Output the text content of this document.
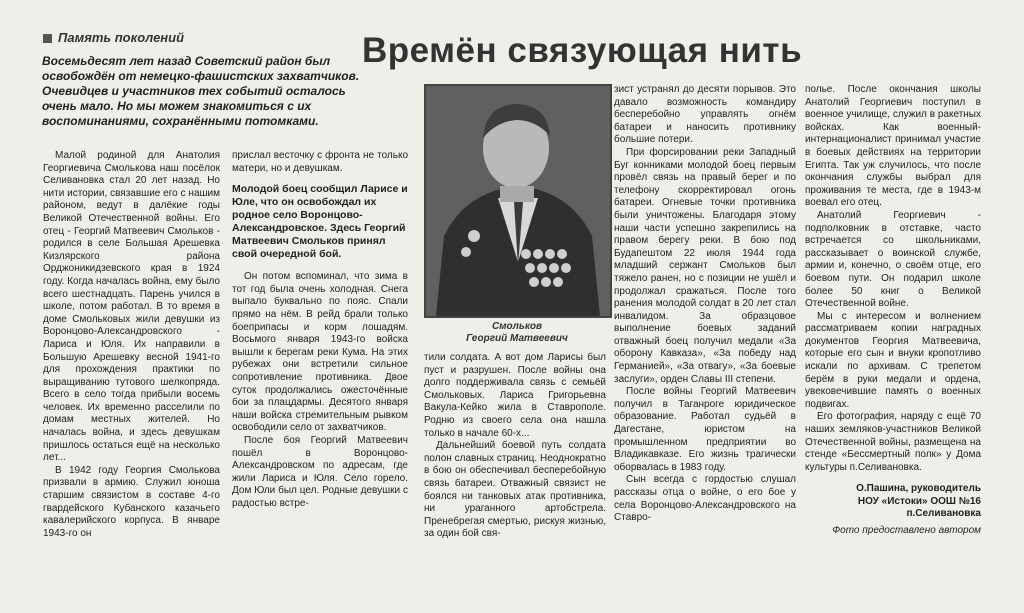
Память поколений	Времён связующая нить
Восемьдесят лет назад Советский район был освобождён от немецко-фашистских захватчиков. Очевидцев и участников тех событий осталось очень мало. Но мы можем знакомиться с их воспоминаниями, сохранёнными потомками.

Малой родиной для Анатолия Георгиевича Смолькова наш посёлок Селивановка стал 20 лет назад. Но нити истории, связавшие его с нашим районом, ведут в далёкие годы Великой Отечественной войны. Его отец - Георгий Матвеевич Смольков - родился в селе Большая Арешевка Кизлярского района Орджоникидзевского края в 1924 году. Когда началась война, ему было всего шестнадцать. Парень учился в школе, потом работал. В то время в доме Смольковых жили девушки из Воронцово-Александровского - Лариса и Юля. Их направили в Большую Арешевку весной 1941-го для прохождения практики по выращиванию тутового шелкопряда. Всего в село тогда прибыли восемь человек. Их временно расселили по домам местных жителей. Но началась война, и здесь девушкам пришлось остаться ещё на несколько лет...

В 1942 году Георгия Смолькова призвали в армию. Служил юноша старшим связистом в составе 4-го гвардейского Кубанского казачьего кавалерийского корпуса. В январе 1943-го он

прислал весточку с фронта не только матери, но и девушкам.

Молодой боец сообщил Ларисе и Юле, что он освобождал их родное село Воронцово-Александровское. Здесь Георгий Матвеевич Смольков принял свой очередной бой.

Он потом вспоминал, что зима в тот год была очень холодная. Снега выпало буквально по пояс. Спали прямо на нём. В рейд брали только боеприпасы и корм лошадям. Восьмого января 1943-го войска вышли к берегам реки Кума. На этих рубежах они встретили сильное сопротивление противника. Двое суток продолжались ожесточённые бои за плацдармы. Десятого января наши войска стремительным рывком освободили село от захватчиков.

После боя Георгий Матвеевич пошёл в Воронцово-Александровском по адресам, где жили Лариса и Юля. Село горело. Дом Юли был цел. Родные девушки с радостью встре-

Смольков
Георгий Матвеевич

тили солдата. А вот дом Ларисы был пуст и разрушен. После войны она долго поддерживала связь с семьёй Смольковых. Лариса Григорьевна Вакула-Кейко жила в Ставрополе. Родню из своего села она нашла только в начале 60-х...

Дальнейший боевой путь солдата полон славных страниц. Неоднократно в бою он обеспечивал бесперебойную связь батареи. Отважный связист не боялся ни танковых атак противника, ни ураганного артобстрела. Пренебрегая смертью, рискуя жизнью, за один бой свя-

зист устранял до десяти порывов. Это давало возможность командиру бесперебойно управлять огнём батареи и наносить противнику большие потери.

При форсировании реки Западный Буг конниками молодой боец первым провёл связь на правый берег и по телефону скорректировал огонь батареи. Огневые точки противника были уничтожены. Благодаря этому наши части успешно закрепились на правом берегу реки. В бою под Будапештом 22 июля 1944 года младший сержант Смольков был тяжело ранен, но с позиции не ушёл и продолжал сражаться. После того ранения молодой солдат в 20 лет стал инвалидом. За образцовое выполнение боевых заданий отважный боец получил медали «За оборону Кавказа», «За победу над Германией», «За отвагу», «За боевые заслуги», орден Славы III степени.

После войны Георгий Матвеевич получил в Таганроге юридическое образование. Работал судьёй в Дагестане, юристом на промышленном предприятии во Владикавказе. Его жизнь трагически оборвалась в 1983 году.

Сын всегда с гордостью слушал рассказы отца о войне, о его бое у села Воронцово-Александровского на Ставро-

полье. После окончания школы Анатолий Георгиевич поступил в военное училище, служил в ракетных войсках. Как военный-интернационалист принимал участие в боевых действиях на территории Египта. Так уж случилось, что после окончания службы выбрал для проживания те места, где в 1943-м воевал его отец.

Анатолий Георгиевич - подполковник в отставке, часто встречается со школьниками, рассказывает о воинской службе, армии и, конечно, о своём отце, его боевом пути. Он подарил школе более 50 книг о Великой Отечественной войне.

Мы с интересом и волнением рассматриваем копии наградных документов Георгия Матвеевича, которые его сын и внуки кропотливо искали по архивам. С трепетом берём в руки медали и ордена, увековечившие память о военных подвигах.

Его фотография, наряду с ещё 70 наших земляков-участников Великой Отечественной войны, размещена на стенде «Бессмертный полк» у Дома культуры п.Селивановка.

О.Пашина, руководитель
НОУ «Истоки» ООШ №16
п.Селивановка
Фото предоставлено автором
